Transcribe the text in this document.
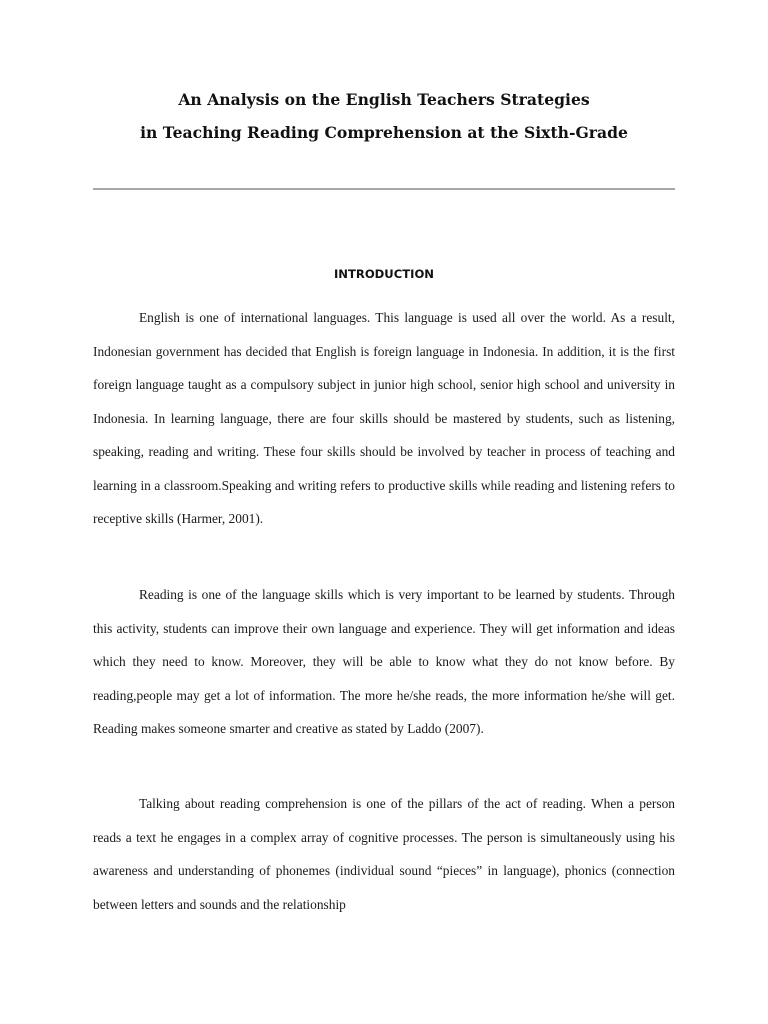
An Analysis on the English Teachers Strategies
in Teaching Reading Comprehension at the Sixth-Grade
INTRODUCTION

English is one of international languages. This language is used all over the world. As a result, Indonesian government has decided that English is foreign language in Indonesia. In addition, it is the first foreign language taught as a compulsory subject in junior high school, senior high school and university in Indonesia. In learning language, there are four skills should be mastered by students, such as listening, speaking, reading and writing. These four skills should be involved by teacher in process of teaching and learning in a classroom.Speaking and writing refers to productive skills while reading and listening refers to receptive skills (Harmer, 2001).

Reading is one of the language skills which is very important to be learned by students. Through this activity, students can improve their own language and experience. They will get information and ideas which they need to know. Moreover, they will be able to know what they do not know before. By reading,people may get a lot of information. The more he/she reads, the more information he/she will get. Reading makes someone smarter and creative as stated by Laddo (2007).

Talking about reading comprehension is one of the pillars of the act of reading. When a person reads a text he engages in a complex array of cognitive processes. The person is simultaneously using his awareness and understanding of phonemes (individual sound “pieces” in language), phonics (connection between letters and sounds and the relationship
